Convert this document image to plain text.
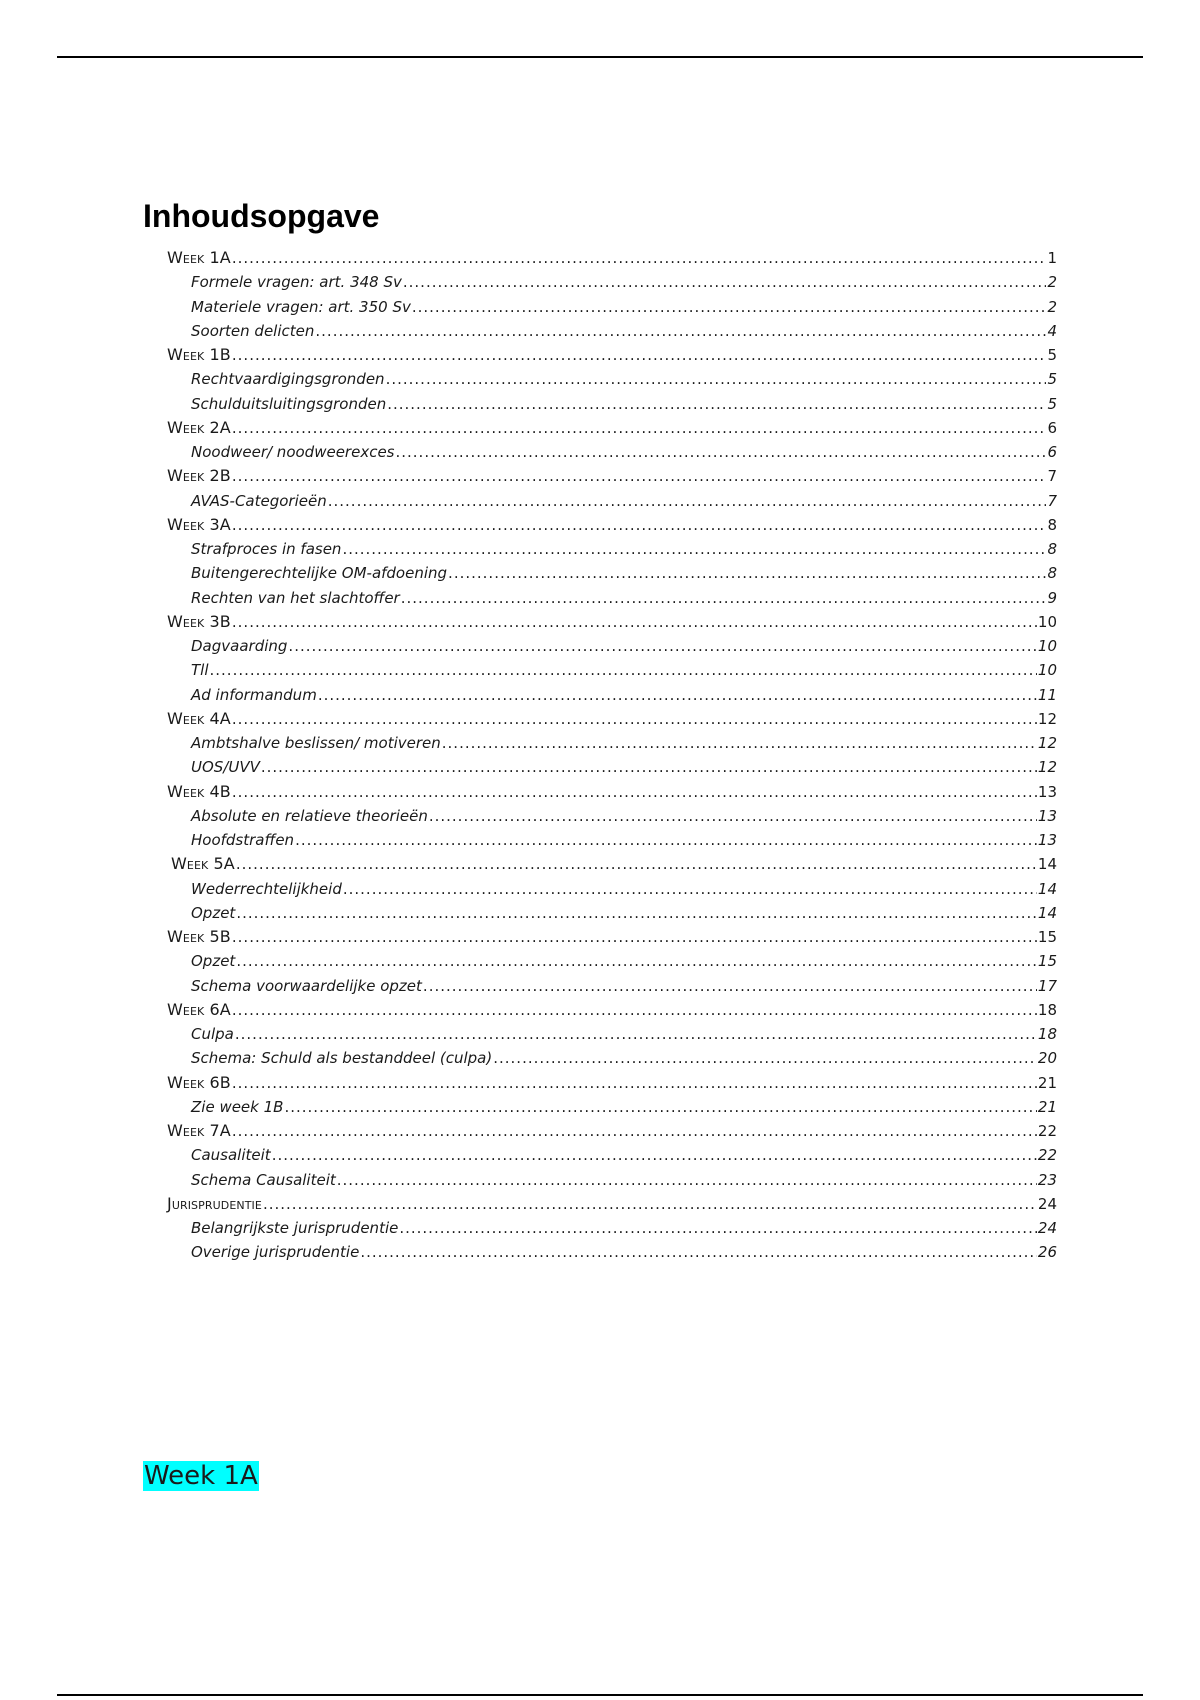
Inhoudsopgave
Week 1A .....	1
Formele vragen: art. 348 Sv .....	2
Materiele vragen: art. 350 Sv .....	2
Soorten delicten .....	4
Week 1B .....	5
Rechtvaardigingsgronden .....	5
Schulduitsluitingsgronden .....	5
Week 2A .....	6
Noodweer/ noodweerexces .....	6
Week 2B .....	7
AVAS-Categorieën .....	7
Week 3A .....	8
Strafproces in fasen .....	8
Buitengerechtelijke OM-afdoening .....	8
Rechten van het slachtoffer .....	9
Week 3B .....	10
Dagvaarding .....	10
Tll .....	10
Ad informandum .....	11
Week 4A .....	12
Ambtshalve beslissen/ motiveren .....	12
UOS/UVV .....	12
Week 4B .....	13
Absolute en relatieve theorieën .....	13
Hoofdstraffen .....	13
Week 5A .....	14
Wederrechtelijkheid .....	14
Opzet .....	14
Week 5B .....	15
Opzet .....	15
Schema voorwaardelijke opzet .....	17
Week 6A .....	18
Culpa .....	18
Schema: Schuld als bestanddeel (culpa) .....	20
Week 6B .....	21
Zie week 1B .....	21
Week 7A .....	22
Causaliteit .....	22
Schema Causaliteit .....	23
Jurisprudentie .....	24
Belangrijkste jurisprudentie .....	24
Overige jurisprudentie .....	26
Week 1A
